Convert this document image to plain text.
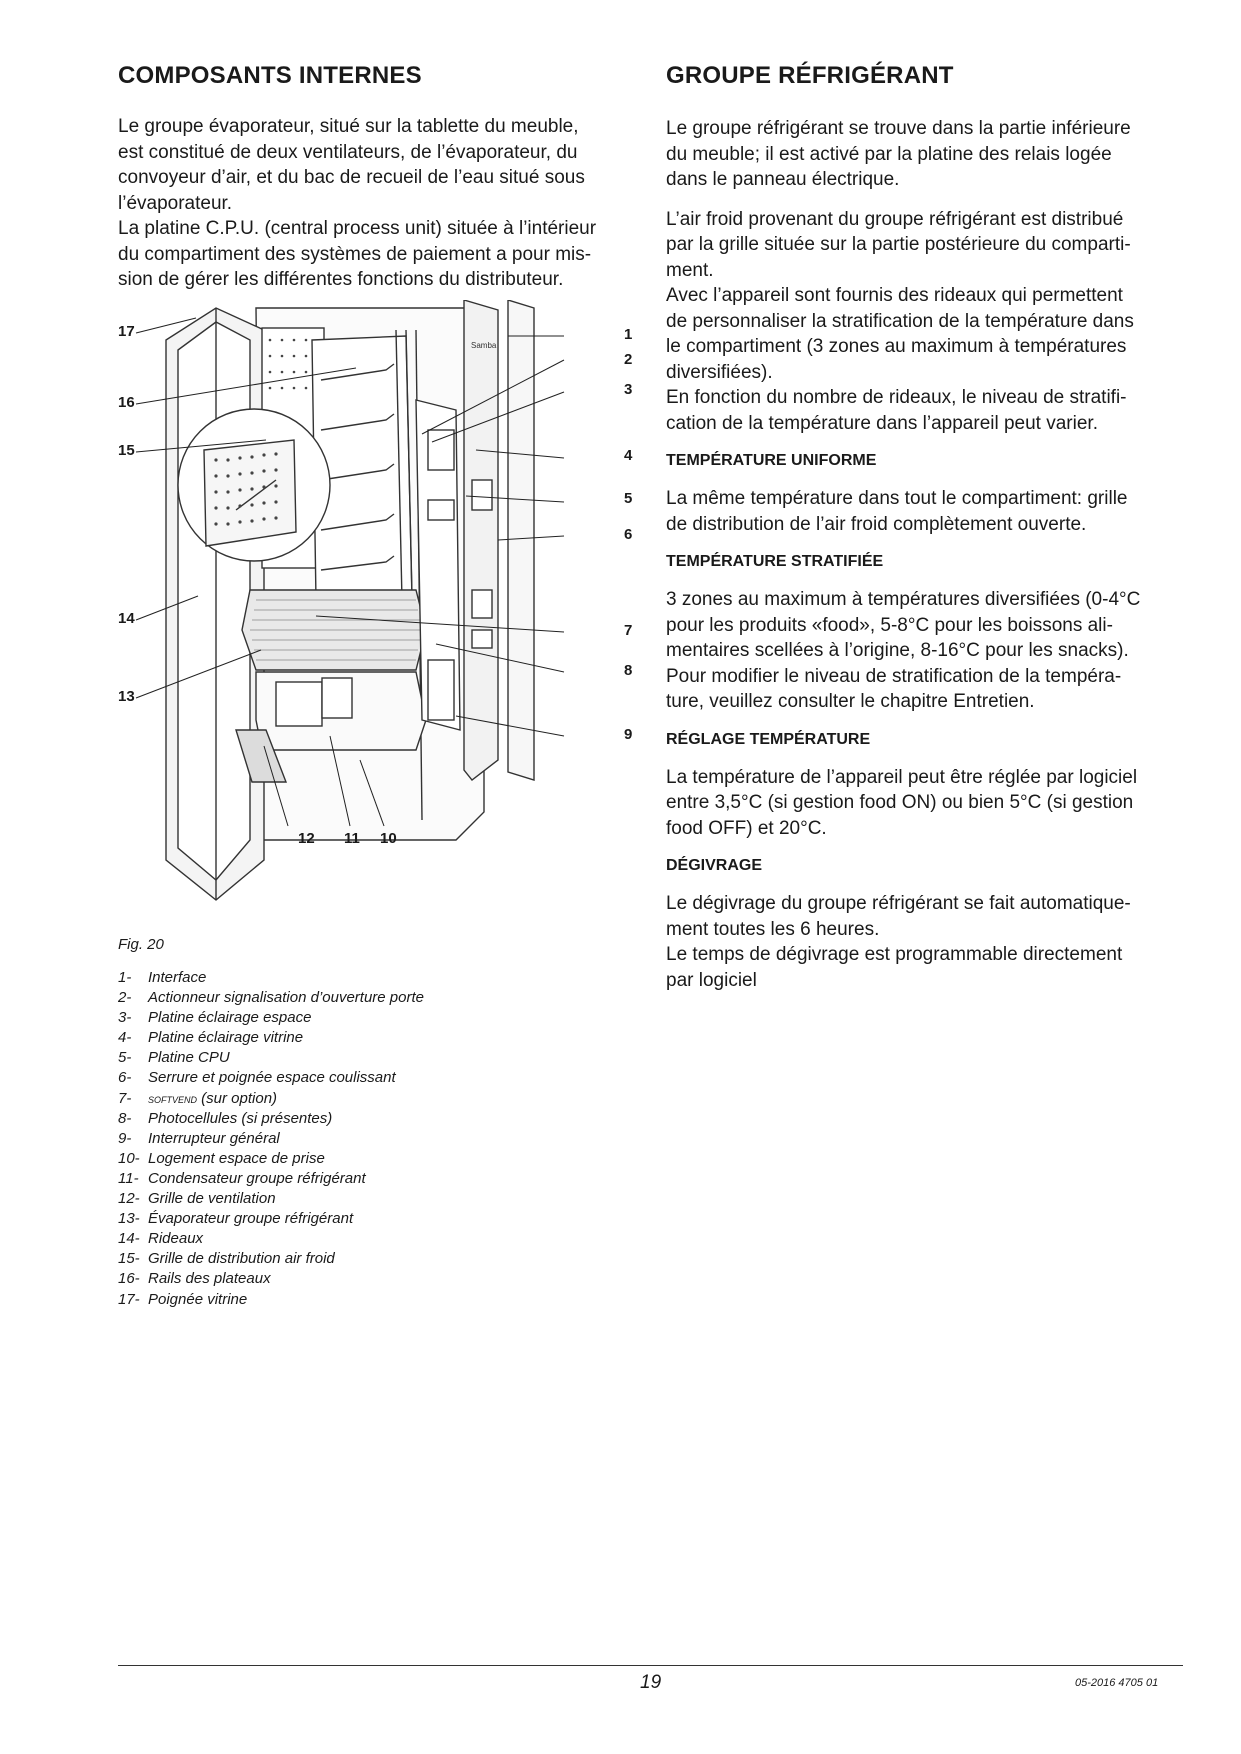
COMPOSANTS INTERNES

Le groupe évaporateur, situé sur la tablette du meuble,
est constitué de deux ventilateurs, de l’évaporateur, du
convoyeur d’air, et du bac de recueil de l’eau situé sous
l’évaporateur.
La platine C.P.U. (central process unit) située à l’intérieur
du compartiment des systèmes de paiement a pour mis-
sion de gérer les différentes fonctions du distributeur.

Samba
1
2
3
4
5
6
7
8
9
10
11
12
13
14
15
16
17
Fig. 20
1-	Interface
2-	Actionneur signalisation d’ouverture porte
3-	Platine éclairage espace
4-	Platine éclairage vitrine
5-	Platine CPU
6-	Serrure et poignée espace coulissant
7-	softvend (sur option)
8-	Photocellules (si présentes)
9-	Interrupteur général
10- Logement espace de prise
11- Condensateur groupe réfrigérant
12- Grille de ventilation
13- Évaporateur groupe réfrigérant
14- Rideaux
15- Grille de distribution air froid
16- Rails des plateaux
17- Poignée vitrine
GROUPE RÉFRIGÉRANT

Le groupe réfrigérant se trouve dans la partie inférieure
du meuble; il est activé par la platine des relais logée
dans le panneau électrique.

L’air froid provenant du groupe réfrigérant est distribué
par la grille située sur la partie postérieure du comparti-
ment.
Avec l’appareil sont fournis des rideaux qui permettent
de personnaliser la stratification de la température dans
le compartiment (3 zones au maximum à températures
diversifiées).
En fonction du nombre de rideaux, le niveau de stratifi-
cation de la température dans l’appareil peut varier.

TEMPÉRATURE UNIFORME

La même température dans tout le compartiment: grille
de distribution de l’air froid complètement ouverte.

TEMPÉRATURE STRATIFIÉE

3 zones au maximum à températures diversifiées (0-4°C
pour les produits «food», 5-8°C pour les boissons ali-
mentaires scellées à l’origine, 8-16°C pour les snacks).
Pour modifier le niveau de stratification de la tempéra-
ture, veuillez consulter le chapitre Entretien.

RÉGLAGE TEMPÉRATURE

La température de l’appareil peut être réglée par logiciel
entre 3,5°C (si gestion food ON) ou bien 5°C (si gestion
food OFF) et 20°C.

DÉGIVRAGE

Le dégivrage du groupe réfrigérant se fait automatique-
ment toutes les 6 heures.
Le temps de dégivrage est programmable directement
par logiciel

19	05-2016 4705 01
